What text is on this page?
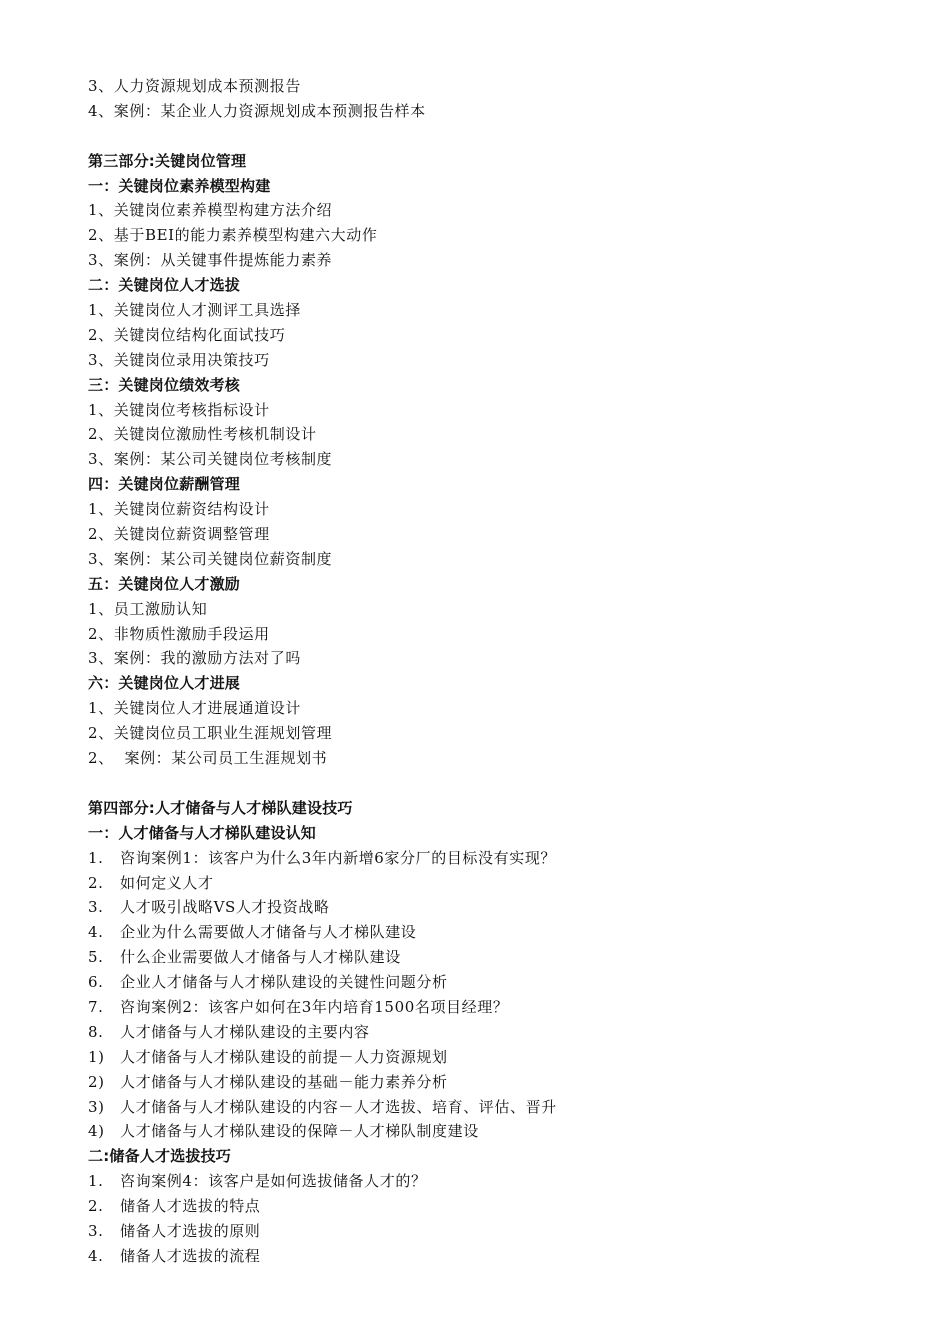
3、人力资源规划成本预测报告
4、案例：某企业人力资源规划成本预测报告样本
第三部分:关键岗位管理
一：关键岗位素养模型构建
1、关键岗位素养模型构建方法介绍
2、基于BEI的能力素养模型构建六大动作
3、案例：从关键事件提炼能力素养
二：关键岗位人才选拔
1、关键岗位人才测评工具选择
2、关键岗位结构化面试技巧
3、关键岗位录用决策技巧
三：关键岗位绩效考核
1、关键岗位考核指标设计
2、关键岗位激励性考核机制设计
3、案例：某公司关键岗位考核制度
四：关键岗位薪酬管理
1、关键岗位薪资结构设计
2、关键岗位薪资调整管理
3、案例：某公司关键岗位薪资制度
五：关键岗位人才激励
1、员工激励认知
2、非物质性激励手段运用
3、案例：我的激励方法对了吗
六：关键岗位人才进展
1、关键岗位人才进展通道设计
2、关键岗位员工职业生涯规划管理
2、  案例：某公司员工生涯规划书
第四部分:人才储备与人才梯队建设技巧
一：人才储备与人才梯队建设认知
1. 咨询案例1：该客户为什么3年内新增6家分厂的目标没有实现？
2. 如何定义人才
3. 人才吸引战略VS人才投资战略
4. 企业为什么需要做人才储备与人才梯队建设
5. 什么企业需要做人才储备与人才梯队建设
6. 企业人才储备与人才梯队建设的关键性问题分析
7. 咨询案例2：该客户如何在3年内培育1500名项目经理？
8. 人才储备与人才梯队建设的主要内容
1) 人才储备与人才梯队建设的前提－人力资源规划
2) 人才储备与人才梯队建设的基础－能力素养分析
3) 人才储备与人才梯队建设的内容－人才选拔、培育、评估、晋升
4) 人才储备与人才梯队建设的保障－人才梯队制度建设
二:储备人才选拔技巧
1. 咨询案例4：该客户是如何选拔储备人才的？
2. 储备人才选拔的特点
3. 储备人才选拔的原则
4. 储备人才选拔的流程
